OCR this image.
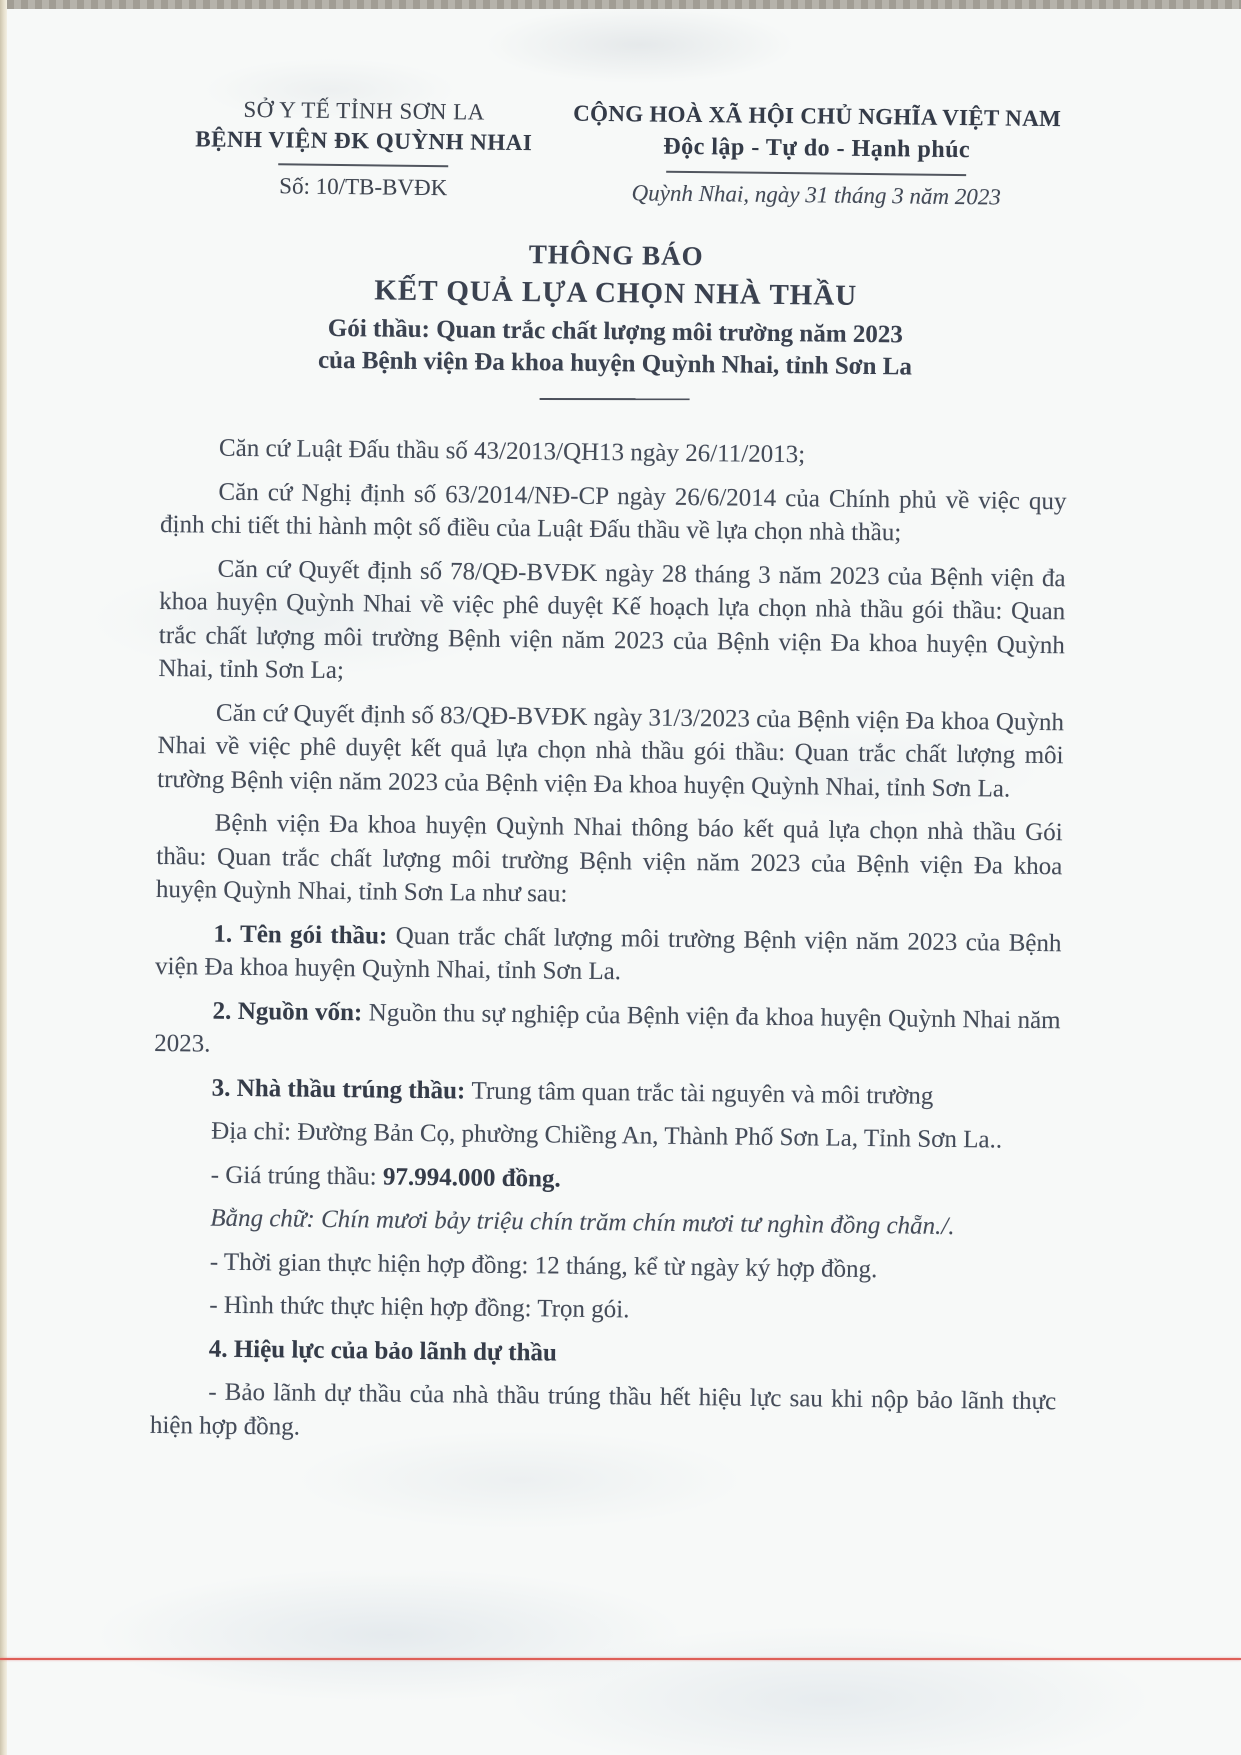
SỞ Y TẾ TỈNH SƠN LA
BỆNH VIỆN ĐK QUỲNH NHAI
Số: 10/TB-BVĐK
CỘNG HOÀ XÃ HỘI CHỦ NGHĨA VIỆT NAM
Độc lập - Tự do - Hạnh phúc
Quỳnh Nhai, ngày 31 tháng 3 năm 2023
THÔNG BÁO
KẾT QUẢ LỰA CHỌN NHÀ THẦU
Gói thầu: Quan trắc chất lượng môi trường năm 2023
của Bệnh viện Đa khoa huyện Quỳnh Nhai, tỉnh Sơn La

Căn cứ Luật Đấu thầu số 43/2013/QH13 ngày 26/11/2013;

Căn cứ Nghị định số 63/2014/NĐ-CP ngày 26/6/2014 của Chính phủ về việc quy định chi tiết thi hành một số điều của Luật Đấu thầu về lựa chọn nhà thầu;

Căn cứ Quyết định số 78/QĐ-BVĐK ngày 28 tháng 3 năm 2023 của Bệnh viện đa khoa huyện Quỳnh Nhai về việc phê duyệt Kế hoạch lựa chọn nhà thầu gói thầu: Quan trắc chất lượng môi trường Bệnh viện năm 2023 của Bệnh viện Đa khoa huyện Quỳnh Nhai, tỉnh Sơn La;

Căn cứ Quyết định số 83/QĐ-BVĐK ngày 31/3/2023 của Bệnh viện Đa khoa Quỳnh Nhai về việc phê duyệt kết quả lựa chọn nhà thầu gói thầu: Quan trắc chất lượng môi trường Bệnh viện năm 2023 của Bệnh viện Đa khoa huyện Quỳnh Nhai, tỉnh Sơn La.

Bệnh viện Đa khoa huyện Quỳnh Nhai thông báo kết quả lựa chọn nhà thầu Gói thầu: Quan trắc chất lượng môi trường Bệnh viện năm 2023 của Bệnh viện Đa khoa huyện Quỳnh Nhai, tỉnh Sơn La như sau:

1. Tên gói thầu: Quan trắc chất lượng môi trường Bệnh viện năm 2023 của Bệnh viện Đa khoa huyện Quỳnh Nhai, tỉnh Sơn La.

2. Nguồn vốn: Nguồn thu sự nghiệp của Bệnh viện đa khoa huyện Quỳnh Nhai năm 2023.

3. Nhà thầu trúng thầu: Trung tâm quan trắc tài nguyên và môi trường

Địa chỉ: Đường Bản Cọ, phường Chiềng An, Thành Phố Sơn La, Tỉnh Sơn La..

- Giá trúng thầu: 97.994.000 đồng.

Bằng chữ: Chín mươi bảy triệu chín trăm chín mươi tư nghìn đồng chẵn./.

- Thời gian thực hiện hợp đồng: 12 tháng, kể từ ngày ký hợp đồng.

- Hình thức thực hiện hợp đồng: Trọn gói.

4. Hiệu lực của bảo lãnh dự thầu

- Bảo lãnh dự thầu của nhà thầu trúng thầu hết hiệu lực sau khi nộp bảo lãnh thực hiện hợp đồng.
